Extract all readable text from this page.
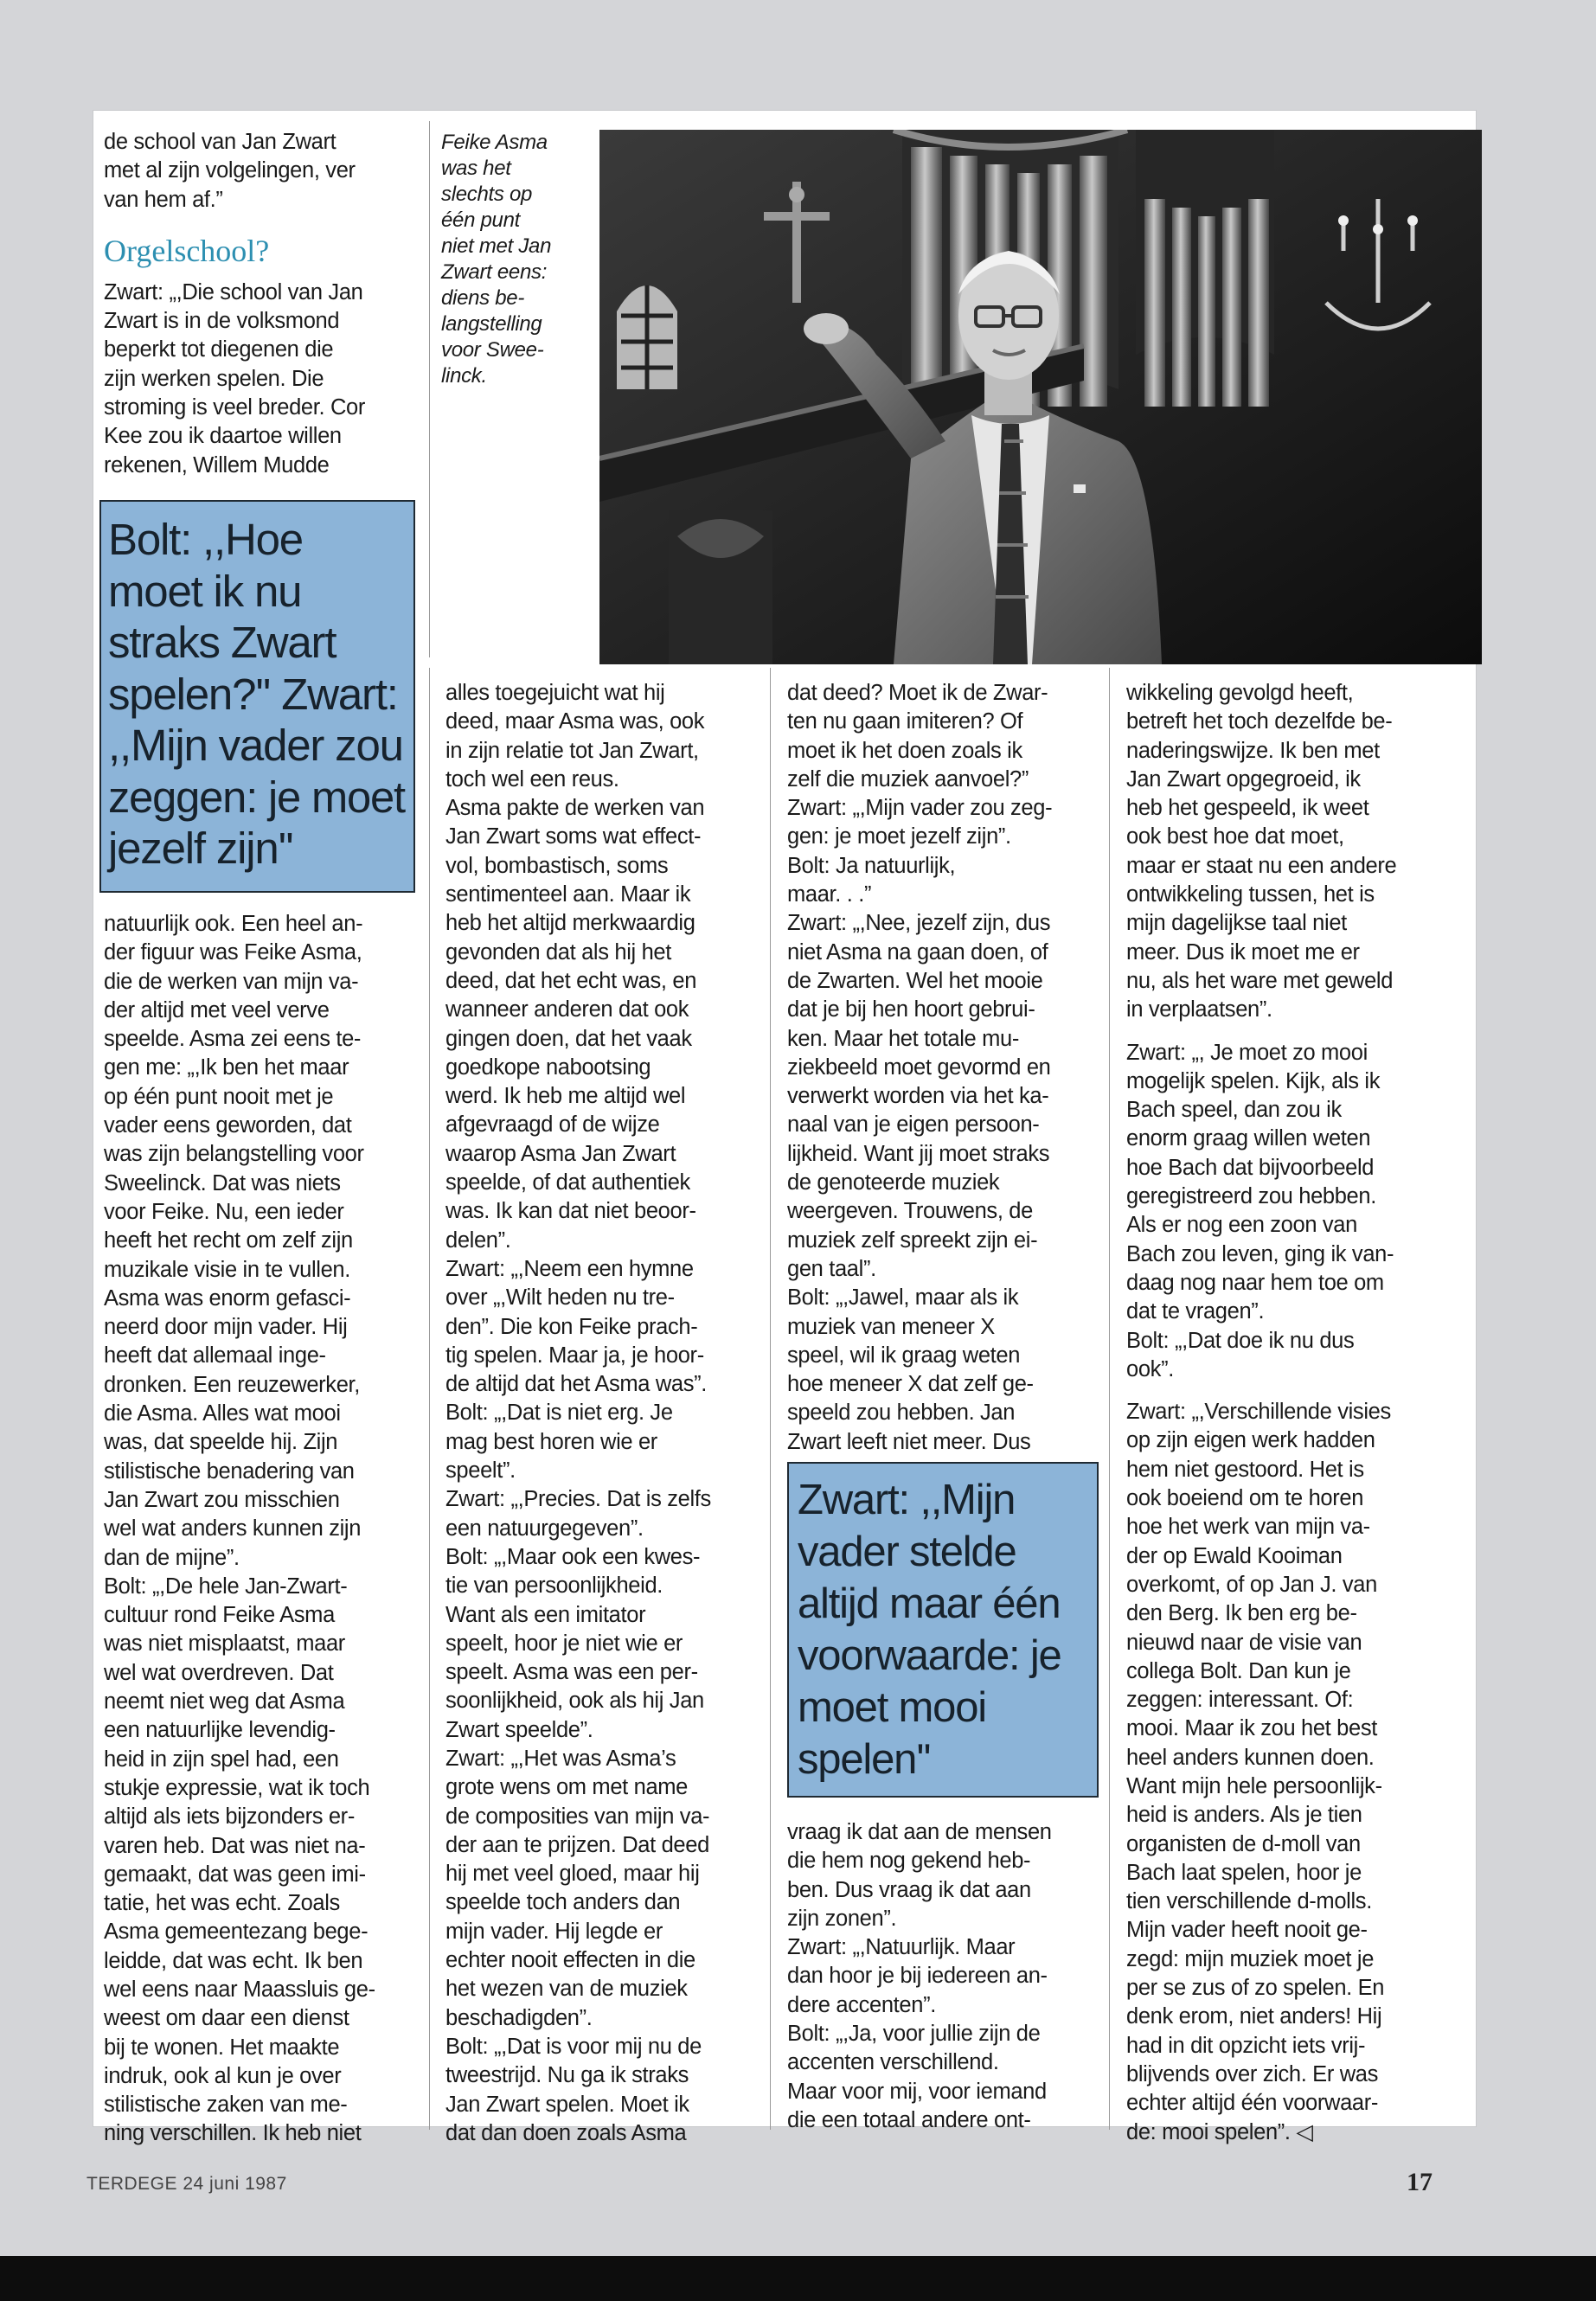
de school van Jan Zwart

met al zijn volgelingen, ver

van hem af.”

Orgelschool?

Zwart: „,Die school van Jan

Zwart is in de volksmond

beperkt tot diegenen die

zijn werken spelen. Die

stroming is veel breder. Cor

Kee zou ik daartoe willen

rekenen, Willem Mudde

Bolt: ,,Hoe
moet ik nu
straks Zwart
spelen?'' Zwart:
,,Mijn vader zou
zeggen: je moet
jezelf zijn''

natuurlijk ook. Een heel an-

der figuur was Feike Asma,

die de werken van mijn va-

der altijd met veel verve

speelde. Asma zei eens te-

gen me: „,Ik ben het maar

op één punt nooit met je

vader eens geworden, dat

was zijn belangstelling voor

Sweelinck. Dat was niets

voor Feike. Nu, een ieder

heeft het recht om zelf zijn

muzikale visie in te vullen.

Asma was enorm gefasci-

neerd door mijn vader. Hij

heeft dat allemaal inge-

dronken. Een reuzewerker,

die Asma. Alles wat mooi

was, dat speelde hij. Zijn

stilistische benadering van

Jan Zwart zou misschien

wel wat anders kunnen zijn

dan de mijne”.

Bolt: „,De hele Jan-Zwart-

cultuur rond Feike Asma

was niet misplaatst, maar

wel wat overdreven. Dat

neemt niet weg dat Asma

een natuurlijke levendig-

heid in zijn spel had, een

stukje expressie, wat ik toch

altijd als iets bijzonders er-

varen heb. Dat was niet na-

gemaakt, dat was geen imi-

tatie, het was echt. Zoals

Asma gemeentezang bege-

leidde, dat was echt. Ik ben

wel eens naar Maassluis ge-

weest om daar een dienst

bij te wonen. Het maakte

indruk, ook al kun je over

stilistische zaken van me-

ning verschillen. Ik heb niet

Feike Asma
was het
slechts op
één punt
niet met Jan
Zwart eens:
diens be-
langstelling
voor Swee-
linck.

alles toegejuicht wat hij

deed, maar Asma was, ook

in zijn relatie tot Jan Zwart,

toch wel een reus.

Asma pakte de werken van

Jan Zwart soms wat effect-

vol, bombastisch, soms

sentimenteel aan. Maar ik

heb het altijd merkwaardig

gevonden dat als hij het

deed, dat het echt was, en

wanneer anderen dat ook

gingen doen, dat het vaak

goedkope nabootsing

werd. Ik heb me altijd wel

afgevraagd of de wijze

waarop Asma Jan Zwart

speelde, of dat authentiek

was. Ik kan dat niet beoor-

delen”.

Zwart: „,Neem een hymne

over „,Wilt heden nu tre-

den”. Die kon Feike prach-

tig spelen. Maar ja, je hoor-

de altijd dat het Asma was”.

Bolt: „,Dat is niet erg. Je

mag best horen wie er

speelt”.

Zwart: „,Precies. Dat is zelfs

een natuurgegeven”.

Bolt: „,Maar ook een kwes-

tie van persoonlijkheid.

Want als een imitator

speelt, hoor je niet wie er

speelt. Asma was een per-

soonlijkheid, ook als hij Jan

Zwart speelde”.

Zwart: „,Het was Asma’s

grote wens om met name

de composities van mijn va-

der aan te prijzen. Dat deed

hij met veel gloed, maar hij

speelde toch anders dan

mijn vader. Hij legde er

echter nooit effecten in die

het wezen van de muziek

beschadigden”.

Bolt: „,Dat is voor mij nu de

tweestrijd. Nu ga ik straks

Jan Zwart spelen. Moet ik

dat dan doen zoals Asma

dat deed? Moet ik de Zwar-

ten nu gaan imiteren? Of

moet ik het doen zoals ik

zelf die muziek aanvoel?”

Zwart: „,Mijn vader zou zeg-

gen: je moet jezelf zijn”.

Bolt: Ja natuurlijk,

maar. . .”

Zwart: „,Nee, jezelf zijn, dus

niet Asma na gaan doen, of

de Zwarten. Wel het mooie

dat je bij hen hoort gebrui-

ken. Maar het totale mu-

ziekbeeld moet gevormd en

verwerkt worden via het ka-

naal van je eigen persoon-

lijkheid. Want jij moet straks

de genoteerde muziek

weergeven. Trouwens, de

muziek zelf spreekt zijn ei-

gen taal”.

Bolt: „,Jawel, maar als ik

muziek van meneer X

speel, wil ik graag weten

hoe meneer X dat zelf ge-

speeld zou hebben. Jan

Zwart leeft niet meer. Dus

Zwart: ,,Mijn
vader stelde
altijd maar één
voorwaarde: je
moet mooi
spelen''

vraag ik dat aan de mensen

die hem nog gekend heb-

ben. Dus vraag ik dat aan

zijn zonen”.

Zwart: „,Natuurlijk. Maar

dan hoor je bij iedereen an-

dere accenten”.

Bolt: „,Ja, voor jullie zijn de

accenten verschillend.

Maar voor mij, voor iemand

die een totaal andere ont-

wikkeling gevolgd heeft,

betreft het toch dezelfde be-

naderingswijze. Ik ben met

Jan Zwart opgegroeid, ik

heb het gespeeld, ik weet

ook best hoe dat moet,

maar er staat nu een andere

ontwikkeling tussen, het is

mijn dagelijkse taal niet

meer. Dus ik moet me er

nu, als het ware met geweld

in verplaatsen”.

Zwart: „, Je moet zo mooi

mogelijk spelen. Kijk, als ik

Bach speel, dan zou ik

enorm graag willen weten

hoe Bach dat bijvoorbeeld

geregistreerd zou hebben.

Als er nog een zoon van

Bach zou leven, ging ik van-

daag nog naar hem toe om

dat te vragen”.

Bolt: „,Dat doe ik nu dus

ook”.

Zwart: „,Verschillende visies

op zijn eigen werk hadden

hem niet gestoord. Het is

ook boeiend om te horen

hoe het werk van mijn va-

der op Ewald Kooiman

overkomt, of op Jan J. van

den Berg. Ik ben erg be-

nieuwd naar de visie van

collega Bolt. Dan kun je

zeggen: interessant. Of:

mooi. Maar ik zou het best

heel anders kunnen doen.

Want mijn hele persoonlijk-

heid is anders. Als je tien

organisten de d-moll van

Bach laat spelen, hoor je

tien verschillende d-molls.

Mijn vader heeft nooit ge-

zegd: mijn muziek moet je

per se zus of zo spelen. En

denk erom, niet anders! Hij

had in dit opzicht iets vrij-

blijvends over zich. Er was

echter altijd één voorwaar-

de: mooi spelen”. ◁

TERDEGE 24 juni 1987	17
